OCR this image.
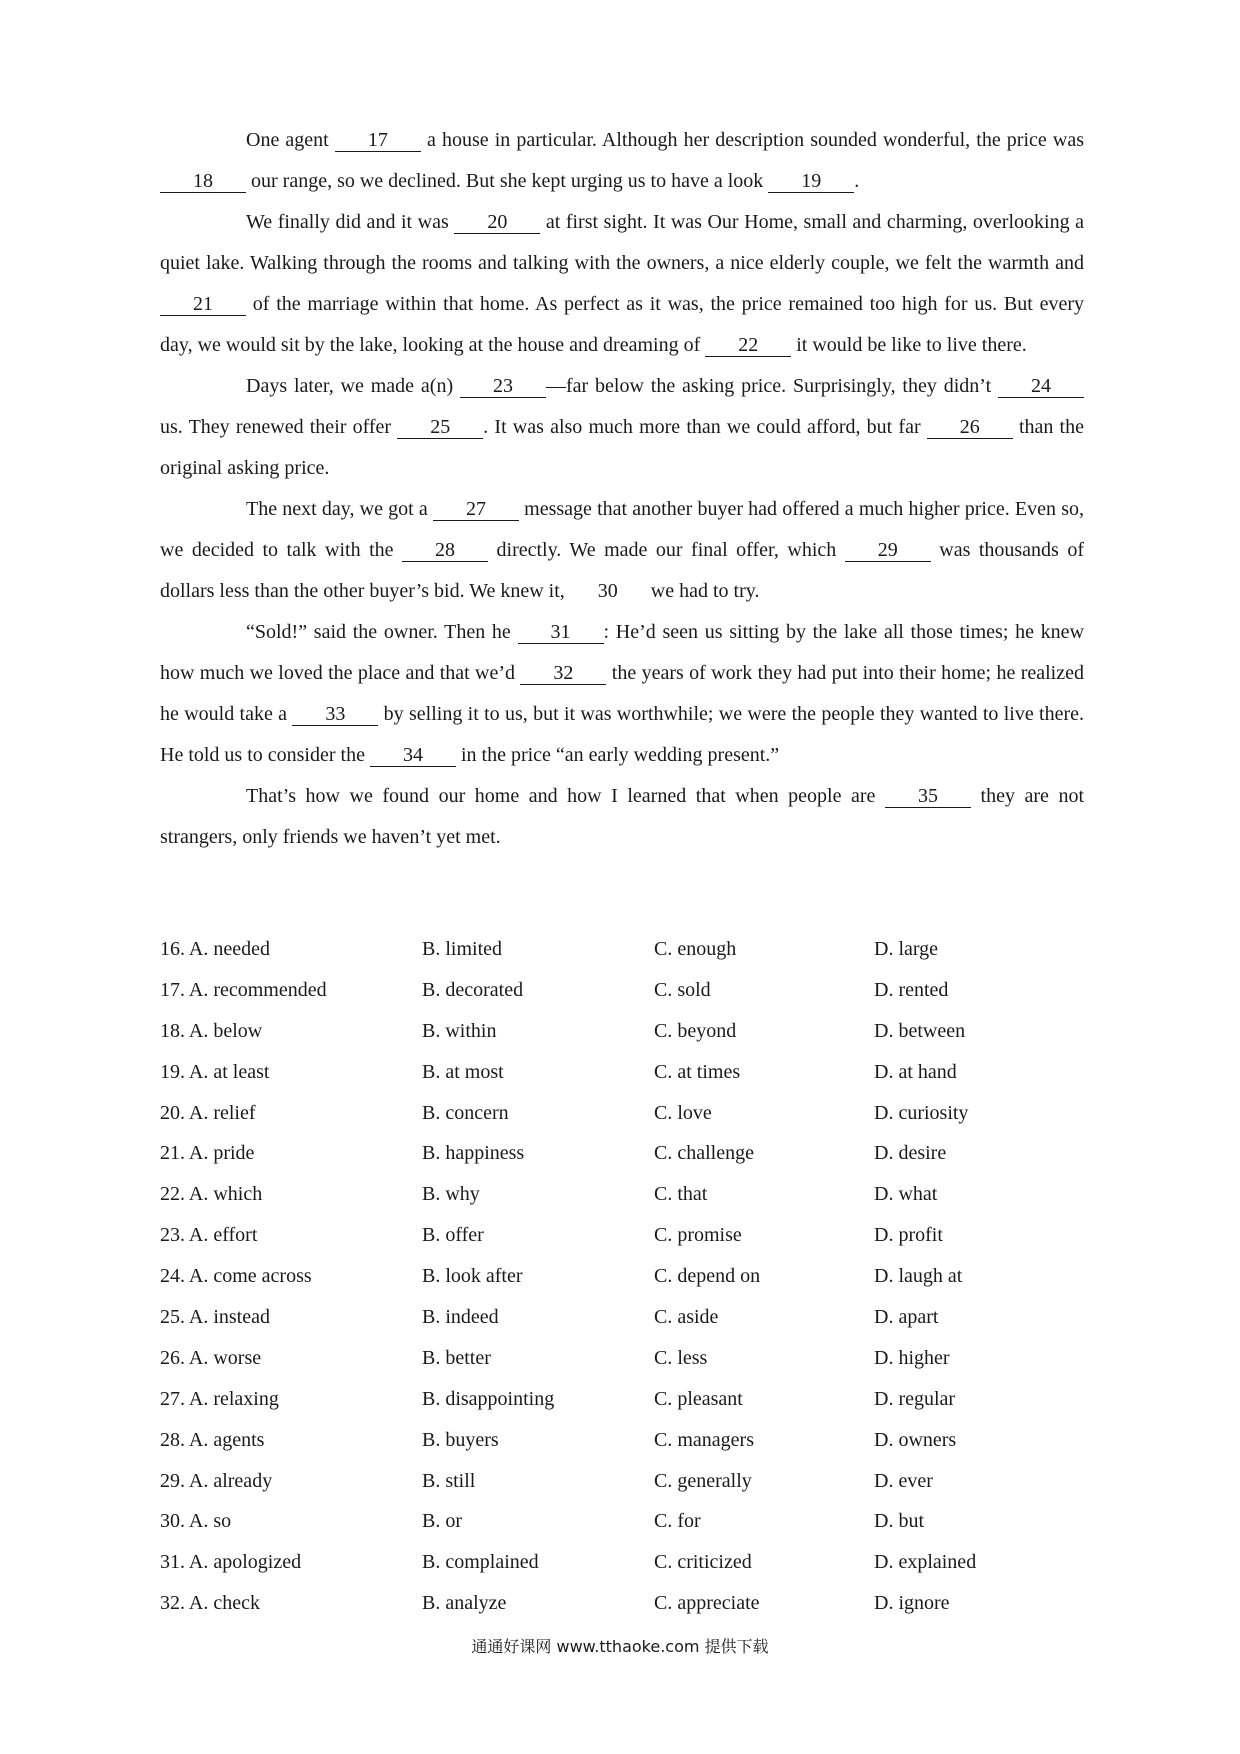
One agent 17 a house in particular. Although her description sounded wonderful, the price was 18 our range, so we declined. But she kept urging us to have a look 19 .

We finally did and it was 20 at first sight. It was Our Home, small and charming, overlooking a quiet lake. Walking through the rooms and talking with the owners, a nice elderly couple, we felt the warmth and 21 of the marriage within that home. As perfect as it was, the price remained too high for us. But every day, we would sit by the lake, looking at the house and dreaming of 22 it would be like to live there.

Days later, we made a(n) 23 —far below the asking price. Surprisingly, they didn’t 24 us. They renewed their offer 25 . It was also much more than we could afford, but far 26 than the original asking price.

The next day, we got a 27 message that another buyer had offered a much higher price. Even so, we decided to talk with the 28 directly. We made our final offer, which 29 was thousands of dollars less than the other buyer’s bid. We knew it, 30 we had to try.

“Sold!” said the owner. Then he 31 : He’d seen us sitting by the lake all those times; he knew how much we loved the place and that we’d 32 the years of work they had put into their home; he realized he would take a 33 by selling it to us, but it was worthwhile; we were the people they wanted to live there. He told us to consider the 34 in the price “an early wedding present.”

That’s how we found our home and how I learned that when people are 35 they are not strangers, only friends we haven’t yet met.

16. A. needed	B. limited	C. enough	D. large
17. A. recommended	B. decorated	C. sold	D. rented
18. A. below	B. within	C. beyond	D. between
19. A. at least	B. at most	C. at times	D. at hand
20. A. relief	B. concern	C. love	D. curiosity
21. A. pride	B. happiness	C. challenge	D. desire
22. A. which	B. why	C. that	D. what
23. A. effort	B. offer	C. promise	D. profit
24. A. come across	B. look after	C. depend on	D. laugh at
25. A. instead	B. indeed	C. aside	D. apart
26. A. worse	B. better	C. less	D. higher
27. A. relaxing	B. disappointing	C. pleasant	D. regular
28. A. agents	B. buyers	C. managers	D. owners
29. A. already	B. still	C. generally	D. ever
30. A. so	B. or	C. for	D. but
31. A. apologized	B. complained	C. criticized	D. explained
32. A. check	B. analyze	C. appreciate	D. ignore
通通好课网 www.tthaoke.com 提供下载
